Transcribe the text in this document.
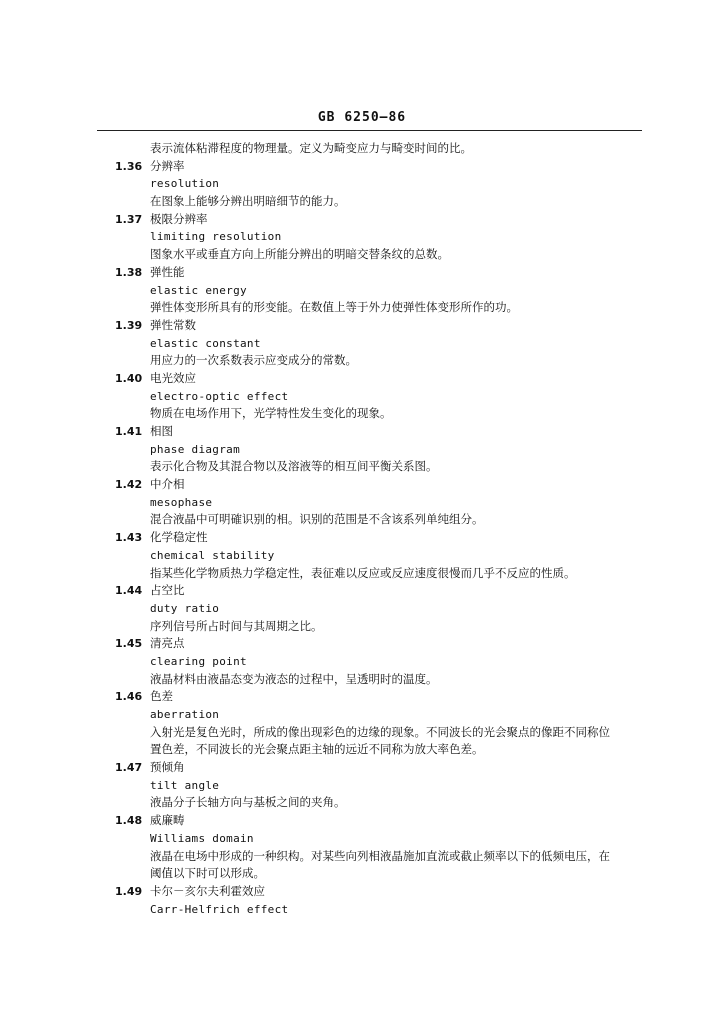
GB 6250—86
表示流体粘滞程度的物理量。定义为畸变应力与畸变时间的比。
1.36 分辨率
resolution
在图象上能够分辨出明暗细节的能力。
1.37 极限分辨率
limiting resolution
图象水平或垂直方向上所能分辨出的明暗交替条纹的总数。
1.38 弹性能
elastic energy
弹性体变形所具有的形变能。在数值上等于外力使弹性体变形所作的功。
1.39 弹性常数
elastic constant
用应力的一次系数表示应变成分的常数。
1.40 电光效应
electro-optic effect
物质在电场作用下，光学特性发生变化的现象。
1.41 相图
phase diagram
表示化合物及其混合物以及溶液等的相互间平衡关系图。
1.42 中介相
mesophase
混合液晶中可明確识别的相。识别的范围是不含该系列单纯组分。
1.43 化学稳定性
chemical stability
指某些化学物质热力学稳定性，表征难以反应或反应速度很慢而几乎不反应的性质。
1.44 占空比
duty ratio
序列信号所占时间与其周期之比。
1.45 清亮点
clearing point
液晶材料由液晶态变为液态的过程中，呈透明时的温度。
1.46 色差
aberration
入射光是复色光时，所成的像出现彩色的边缘的现象。不同波长的光会聚点的像距不同称位
置色差，不同波长的光会聚点距主轴的远近不同称为放大率色差。
1.47 预倾角
tilt angle
液晶分子长轴方向与基板之间的夹角。
1.48 威廉畴
Williams domain
液晶在电场中形成的一种织构。对某些向列相液晶施加直流或截止频率以下的低频电压，在
阈值以下时可以形成。
1.49 卡尔－亥尔夫利霍效应
Carr-Helfrich effect
